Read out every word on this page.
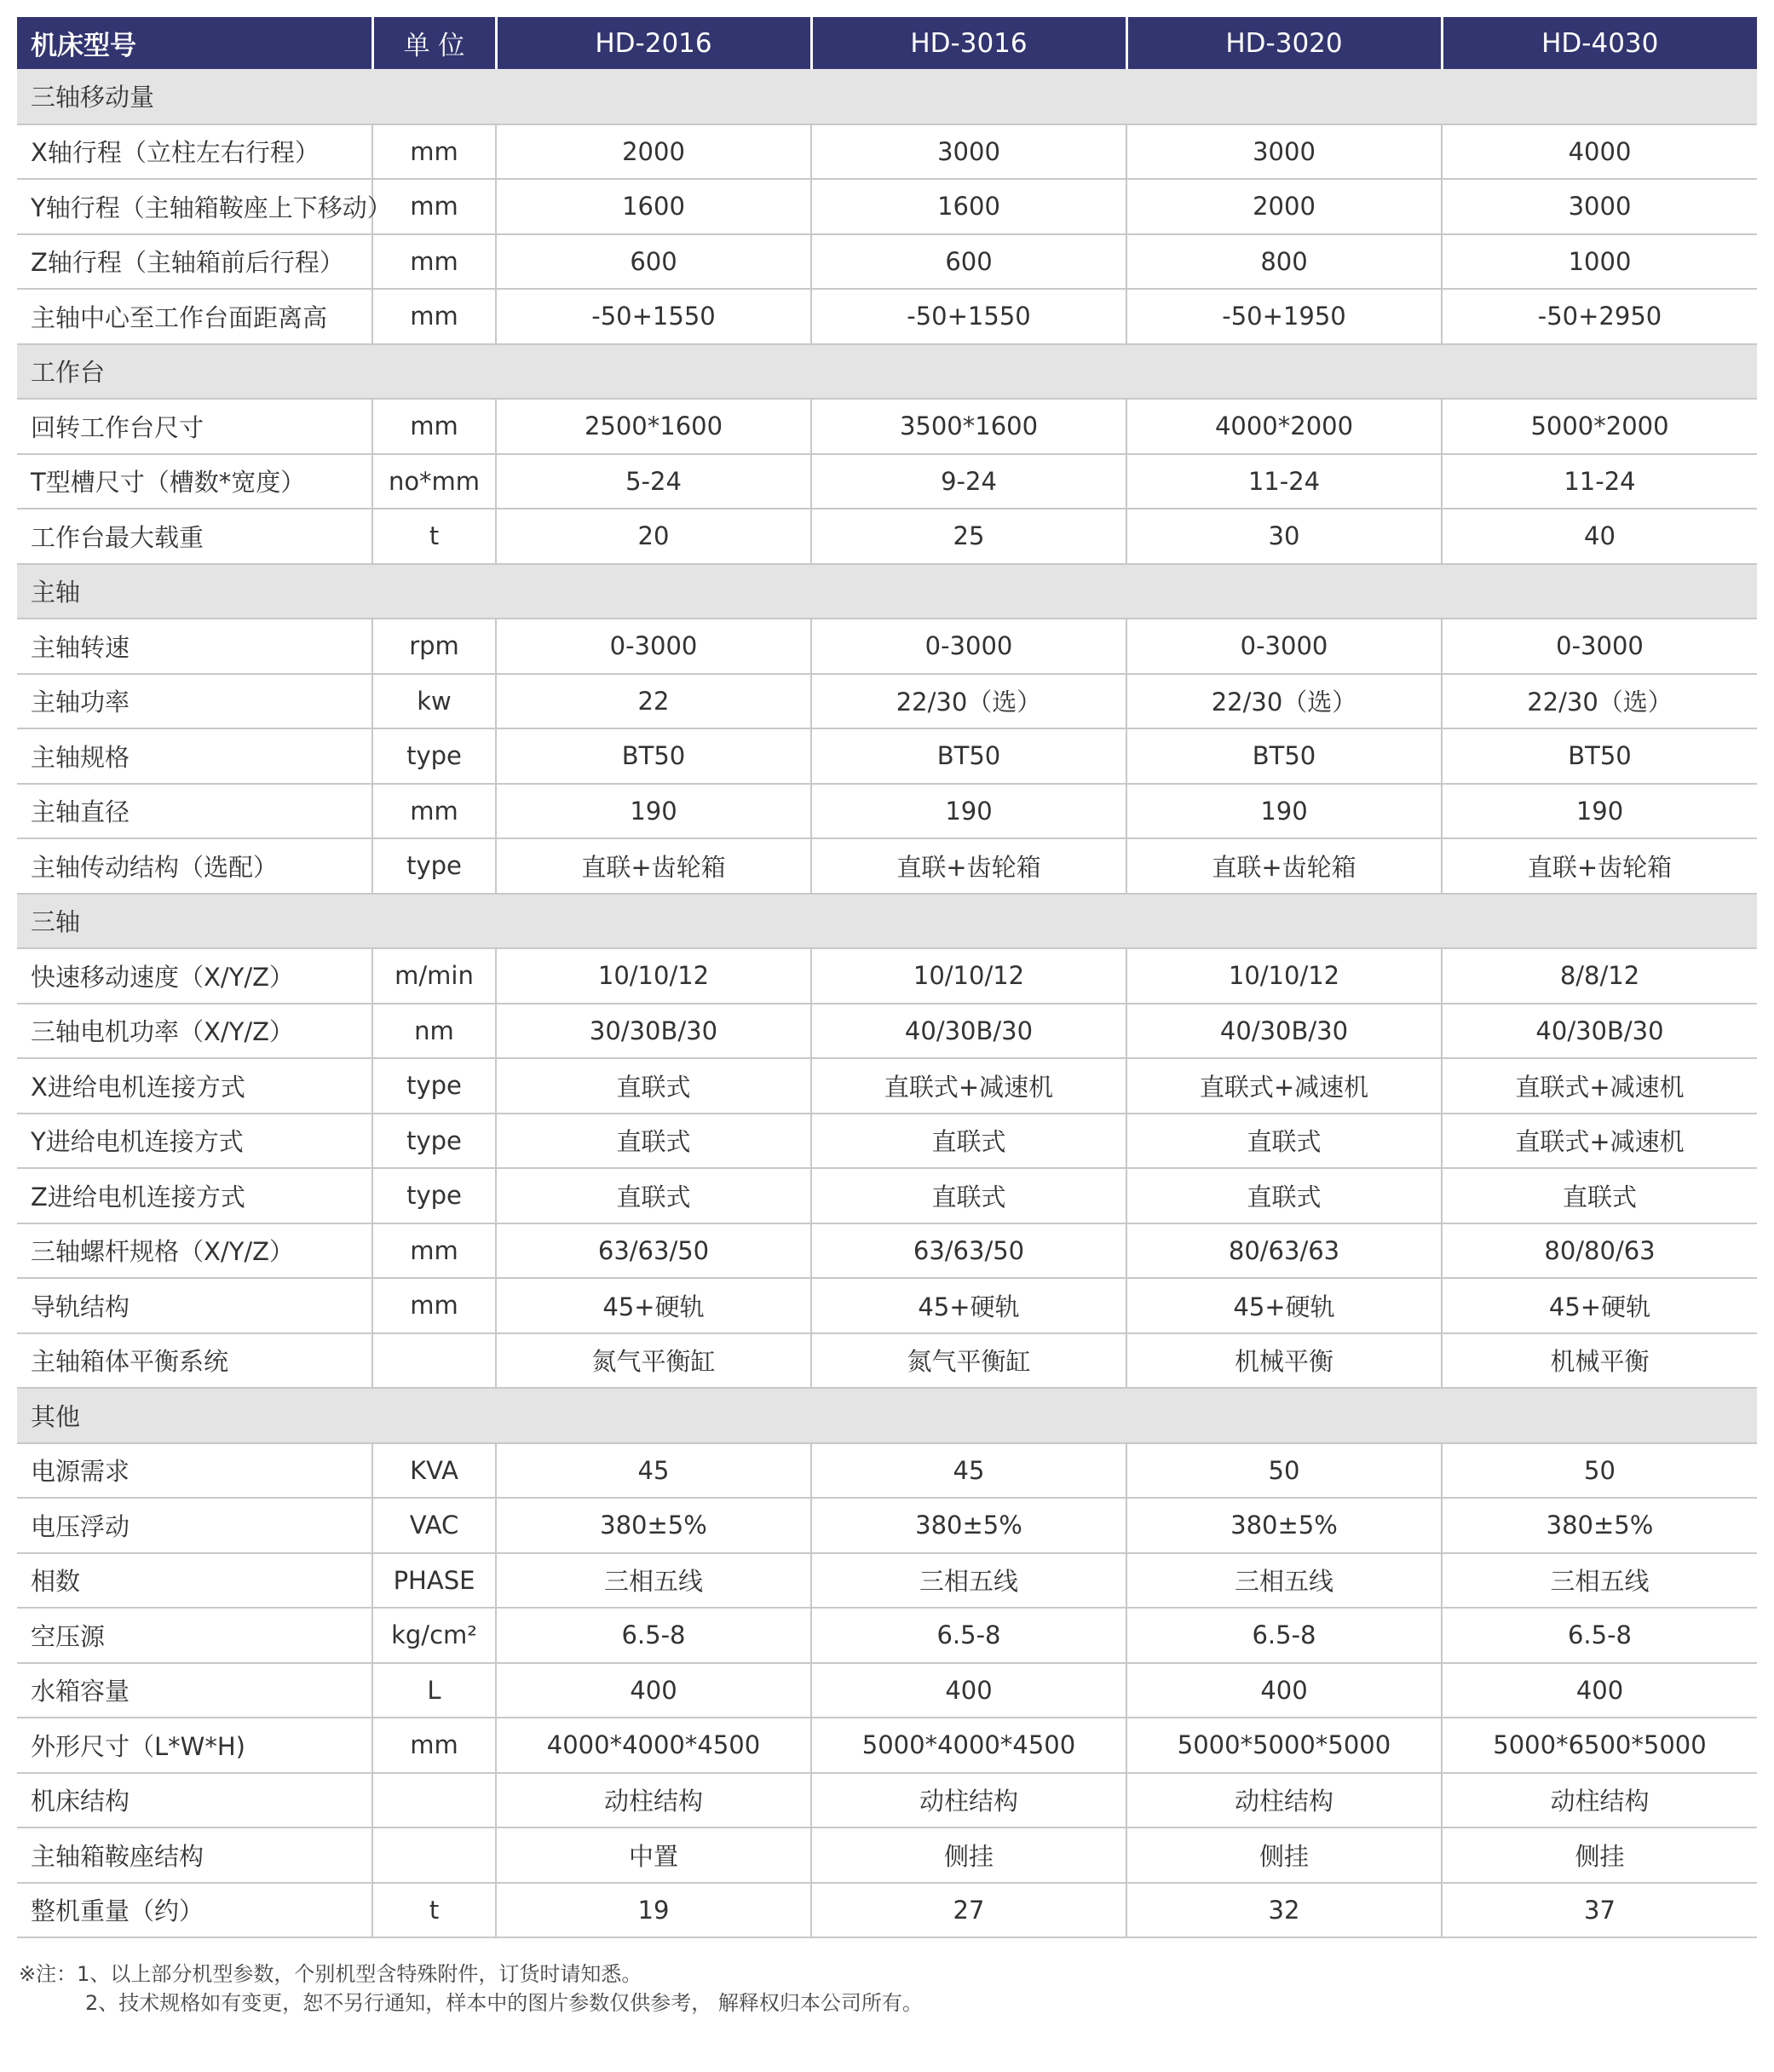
机床型号	单 位	HD-2016	HD-3016	HD-3020	HD-4030
三轴移动量					
X轴行程（立柱左右行程）	mm	2000	3000	3000	4000
Y轴行程（主轴箱鞍座上下移动）	mm	1600	1600	2000	3000
Z轴行程（主轴箱前后行程）	mm	600	600	800	1000
主轴中心至工作台面距离高	mm	-50+1550	-50+1550	-50+1950	-50+2950
工作台					
回转工作台尺寸	mm	2500*1600	3500*1600	4000*2000	5000*2000
T型槽尺寸（槽数*宽度）	no*mm	5-24	9-24	11-24	11-24
工作台最大载重	t	20	25	30	40
主轴					
主轴转速	rpm	0-3000	0-3000	0-3000	0-3000
主轴功率	kw	22	22/30（选）	22/30（选）	22/30（选）
主轴规格	type	BT50	BT50	BT50	BT50
主轴直径	mm	190	190	190	190
主轴传动结构（选配）	type	直联+齿轮箱	直联+齿轮箱	直联+齿轮箱	直联+齿轮箱
三轴					
快速移动速度（X/Y/Z）	m/min	10/10/12	10/10/12	10/10/12	8/8/12
三轴电机功率（X/Y/Z）	nm	30/30B/30	40/30B/30	40/30B/30	40/30B/30
X进给电机连接方式	type	直联式	直联式+减速机	直联式+减速机	直联式+减速机
Y进给电机连接方式	type	直联式	直联式	直联式	直联式+减速机
Z进给电机连接方式	type	直联式	直联式	直联式	直联式
三轴螺杆规格（X/Y/Z）	mm	63/63/50	63/63/50	80/63/63	80/80/63
导轨结构	mm	45+硬轨	45+硬轨	45+硬轨	45+硬轨
主轴箱体平衡系统		氮气平衡缸	氮气平衡缸	机械平衡	机械平衡
其他					
电源需求	KVA	45	45	50	50
电压浮动	VAC	380±5%	380±5%	380±5%	380±5%
相数	PHASE	三相五线	三相五线	三相五线	三相五线
空压源	kg/cm²	6.5-8	6.5-8	6.5-8	6.5-8
水箱容量	L	400	400	400	400
外形尺寸（L*W*H)	mm	4000*4000*4500	5000*4000*4500	5000*5000*5000	5000*6500*5000
机床结构		动柱结构	动柱结构	动柱结构	动柱结构
主轴箱鞍座结构		中置	侧挂	侧挂	侧挂
整机重量（约）	t	19	27	32	37
※注：1、以上部分机型参数，个别机型含特殊附件，订货时请知悉。
2、技术规格如有变更，恕不另行通知，样本中的图片参数仅供参考， 解释权归本公司所有。
